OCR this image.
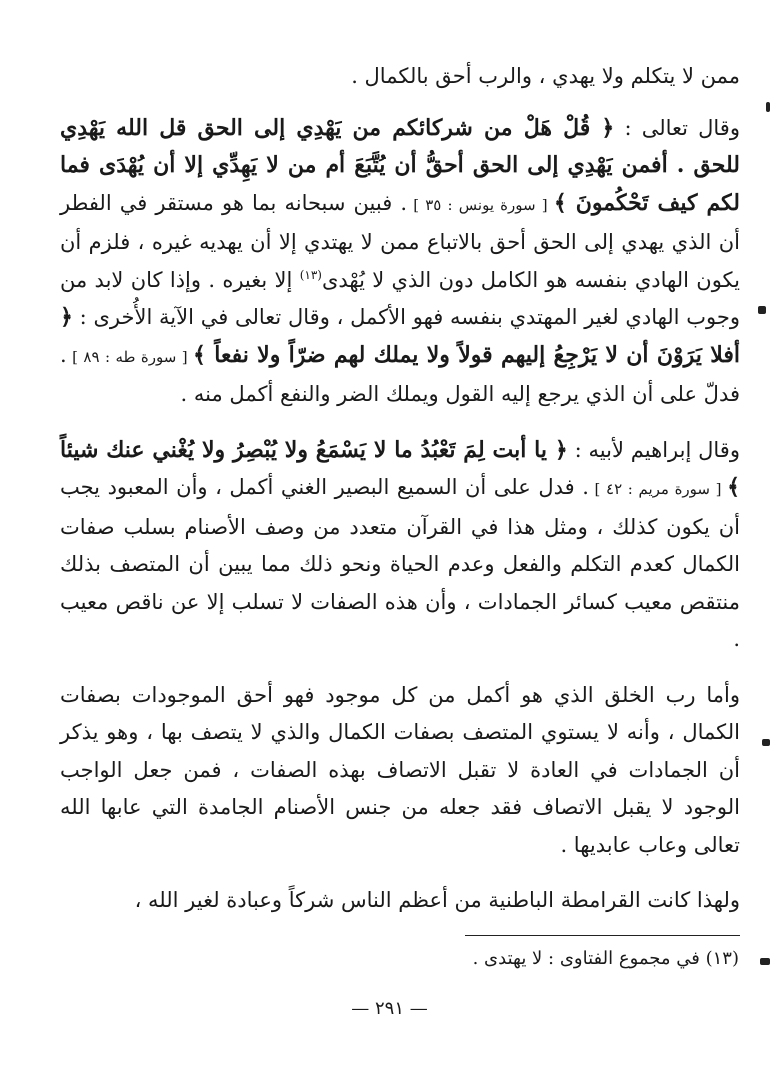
ممن لا يتكلم ولا يهدي ، والرب أحق بالكمال .

وقال تعالى : ﴿ قُلْ هَلْ من شركائكم من يَهْدِي إلى الحق قل الله يَهْدِي للحق . أفمن يَهْدِي إلى الحق أحقُّ أن يُتَّبَعَ أم من لا يَهِدِّي إلا أن يُهْدَى فما لكم كيف تَحْكُمونَ ﴾ [ سورة يونس : ٣٥ ] . فبين سبحانه بما هو مستقر في الفطر أن الذي يهدي إلى الحق أحق بالاتباع ممن لا يهتدي إلا أن يهديه غيره ، فلزم أن يكون الهادي بنفسه هو الكامل دون الذي لا يُهْدى$^{(١٣)}$ إلا بغيره . وإذا كان لابد من وجوب الهادي لغير المهتدي بنفسه فهو الأكمل ، وقال تعالى في الآية الأُخرى : ﴿ أفلا يَرَوْنَ أن لا يَرْجِعُ إليهم قولاً ولا يملك لهم ضرّاً ولا نفعاً ﴾ [ سورة طه : ٨٩ ] . فدلّ على أن الذي يرجع إليه القول ويملك الضر والنفع أكمل منه .

وقال إبراهيم لأبيه : ﴿ يا أبت لِمَ تَعْبُدُ ما لا يَسْمَعُ ولا يُبْصِرُ ولا يُغْني عنك شيئاً ﴾ [ سورة مريم : ٤٢ ] . فدل على أن السميع البصير الغني أكمل ، وأن المعبود يجب أن يكون كذلك ، ومثل هذا في القرآن متعدد من وصف الأصنام بسلب صفات الكمال كعدم التكلم والفعل وعدم الحياة ونحو ذلك مما يبين أن المتصف بذلك منتقص معيب كسائر الجمادات ، وأن هذه الصفات لا تسلب إلا عن ناقص معيب .

وأما رب الخلق الذي هو أكمل من كل موجود فهو أحق الموجودات بصفات الكمال ، وأنه لا يستوي المتصف بصفات الكمال والذي لا يتصف بها ، وهو يذكر أن الجمادات في العادة لا تقبل الاتصاف بهذه الصفات ، فمن جعل الواجب الوجود لا يقبل الاتصاف فقد جعله من جنس الأصنام الجامدة التي عابها الله تعالى وعاب عابديها .

ولهذا كانت القرامطة الباطنية من أعظم الناس شركاً وعبادة لغير الله ،

(١٣) في مجموع الفتاوى : لا يهتدى .
— ٢٩١ —
